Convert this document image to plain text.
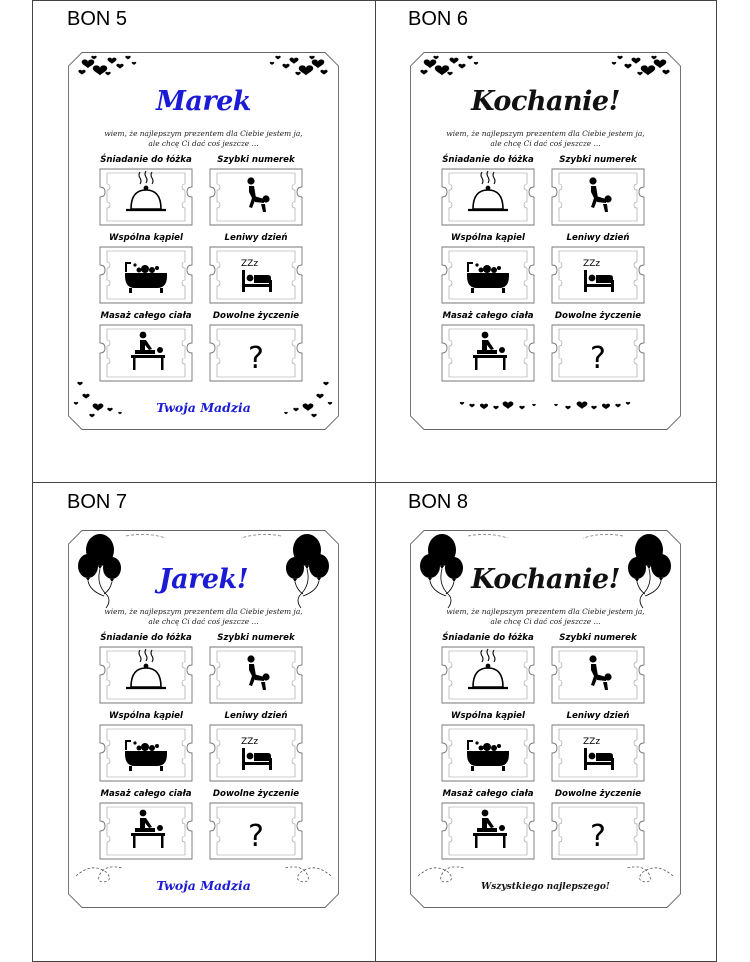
BON 5
Marek
wiem, że najlepszym prezentem dla Ciebie jestem ja,
ale chcę Ci dać coś jeszcze ...
Twoja Madzia
Śniadanie do łóżka	Szybki numerek
Wspólna kąpiel	Leniwy dzień
ZZz
Masaż całego ciała	Dowolne życzenie
?
BON 6
Kochanie!
wiem, że najlepszym prezentem dla Ciebie jestem ja,
ale chcę Ci dać coś jeszcze ...
Śniadanie do łóżka	Szybki numerek
Wspólna kąpiel	Leniwy dzień
ZZz
Masaż całego ciała	Dowolne życzenie
?
BON 7
Jarek!
wiem, że najlepszym prezentem dla Ciebie jestem ja,
ale chcę Ci dać coś jeszcze ...
Twoja Madzia
Śniadanie do łóżka	Szybki numerek
Wspólna kąpiel	Leniwy dzień
ZZz
Masaż całego ciała	Dowolne życzenie
?
BON 8
Kochanie!
wiem, że najlepszym prezentem dla Ciebie jestem ja,
ale chcę Ci dać coś jeszcze ...
Wszystkiego najlepszego!
Śniadanie do łóżka	Szybki numerek
Wspólna kąpiel	Leniwy dzień
ZZz
Masaż całego ciała	Dowolne życzenie
?
